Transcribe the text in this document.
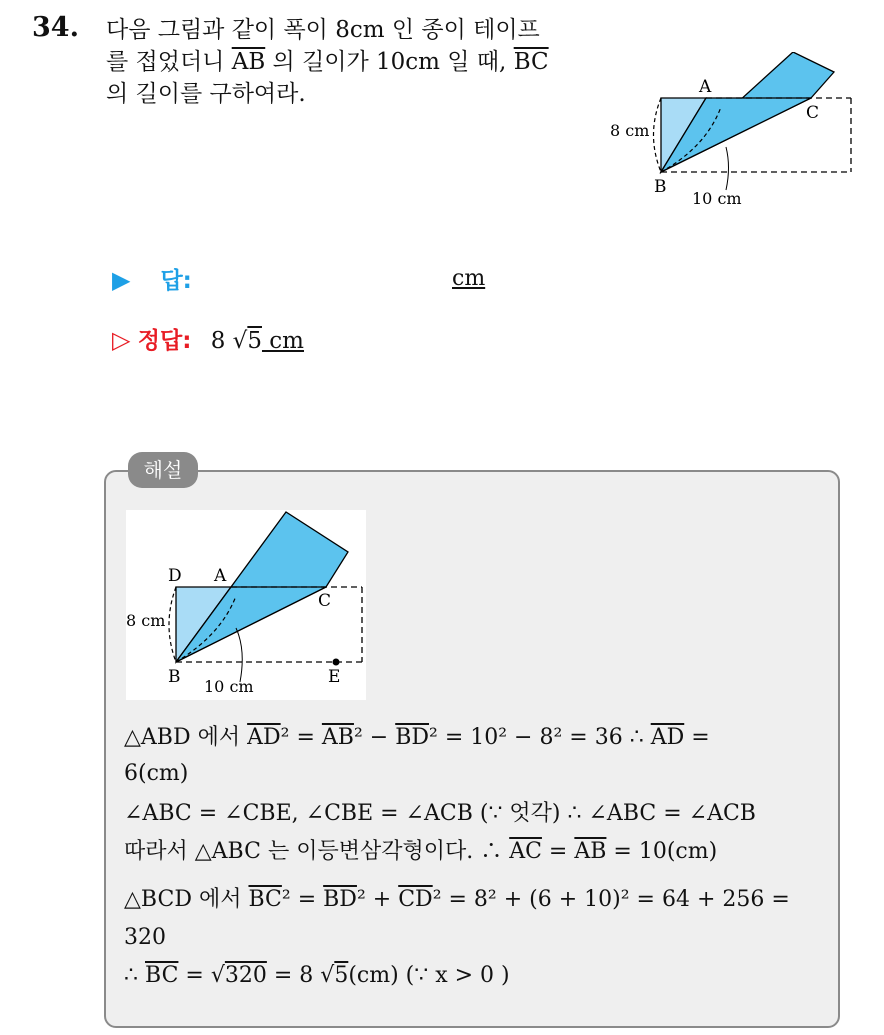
34. 다음 그림과 같이 폭이 8cm 인 종이 테이프
를 접었더니 $\overline{AB}$ 의 길이가 10cm 일 때, $\overline{BC}$
의 길이를 구하여라.	A
B
C
8 cm
10 cm
▶ 답:	cm
▷ 정답: 8 √5 cm
해설
D A
C
B	E
8 cm
10 cm
△ABD 에서 $\overline{AD}^2 = \overline{AB}^2 - \overline{BD}^2 = 10^2 - 8^2 = 36$ ∴ $\overline{AD}$ =
6(cm)
∠ABC = ∠CBE, ∠CBE = ∠ACB (∵ 엇각) ∴ ∠ABC = ∠ACB
따라서 △ABC 는 이등변삼각형이다. ∴ $\overline{AC} = \overline{AB} = 10(cm)$
△BCD 에서 $\overline{BC}^2 = \overline{BD}^2 + \overline{CD}^2 = 8^2 + (6 + 10)^2 = 64 + 256$ =
320
∴ $\overline{BC} = √320 = 8$ √5(cm) (∵ x > 0 )
